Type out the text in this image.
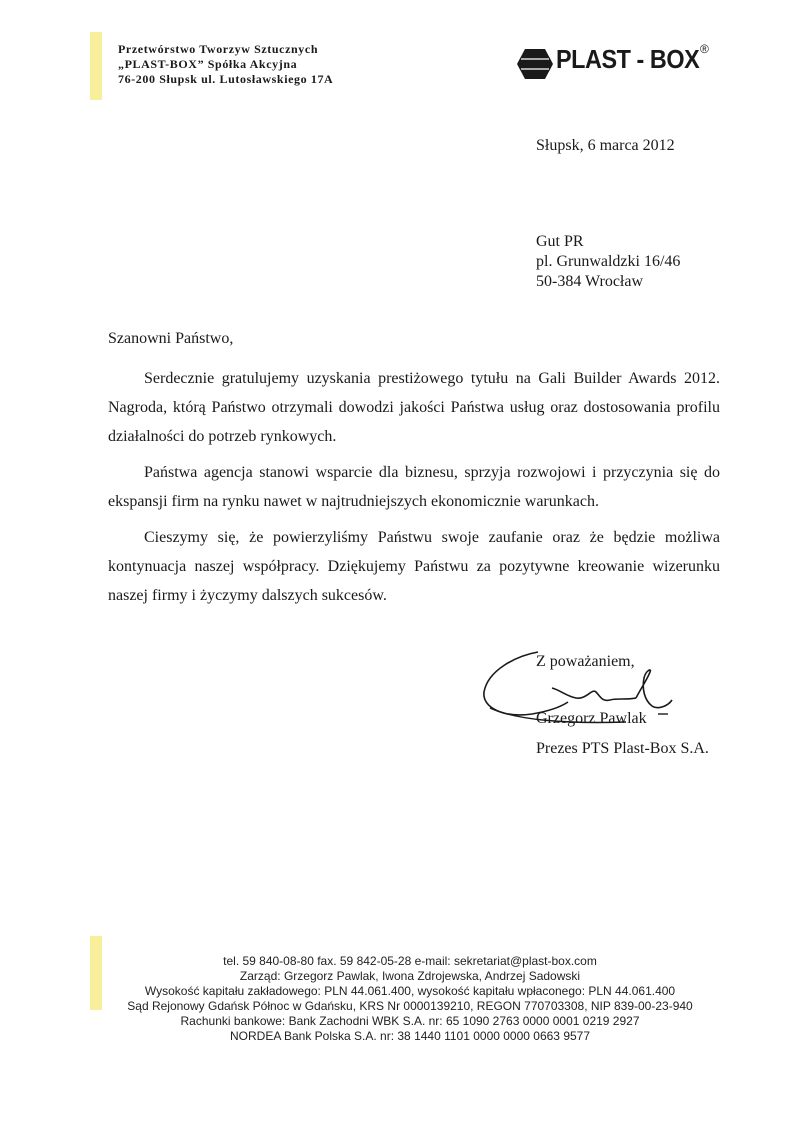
Przetwórstwo Tworzyw Sztucznych
„PLAST-BOX” Spółka Akcyjna
76-200 Słupsk ul. Lutosławskiego 17A
PLAST - BOX ®
Słupsk, 6 marca 2012
Gut PR
pl. Grunwaldzki 16/46
50-384 Wrocław
Szanowni Państwo,

Serdecznie gratulujemy uzyskania prestiżowego tytułu na Gali Builder Awards 2012. Nagroda, którą Państwo otrzymali dowodzi jakości Państwa usług oraz dostosowania profilu działalności do potrzeb rynkowych.

Państwa agencja stanowi wsparcie dla biznesu, sprzyja rozwojowi i przyczynia się do ekspansji firm na rynku nawet w najtrudniejszych ekonomicznie warunkach.

Cieszymy się, że powierzyliśmy Państwu swoje zaufanie oraz że będzie możliwa kontynuacja naszej współpracy. Dziękujemy Państwu za pozytywne kreowanie wizerunku naszej firmy i życzymy dalszych sukcesów.

Z poważaniem,
Grzegorz Pawlak
Prezes PTS Plast-Box S.A.
tel. 59 840-08-80 fax. 59 842-05-28 e-mail: sekretariat@plast-box.com
Zarząd: Grzegorz Pawlak, Iwona Zdrojewska, Andrzej Sadowski
Wysokość kapitału zakładowego: PLN 44.061.400, wysokość kapitału wpłaconego: PLN 44.061.400
Sąd Rejonowy Gdańsk Północ w Gdańsku, KRS Nr 0000139210, REGON 770703308, NIP 839-00-23-940
Rachunki bankowe: Bank Zachodni WBK S.A. nr: 65 1090 2763 0000 0001 0219 2927
NORDEA Bank Polska S.A. nr: 38 1440 1101 0000 0000 0663 9577
